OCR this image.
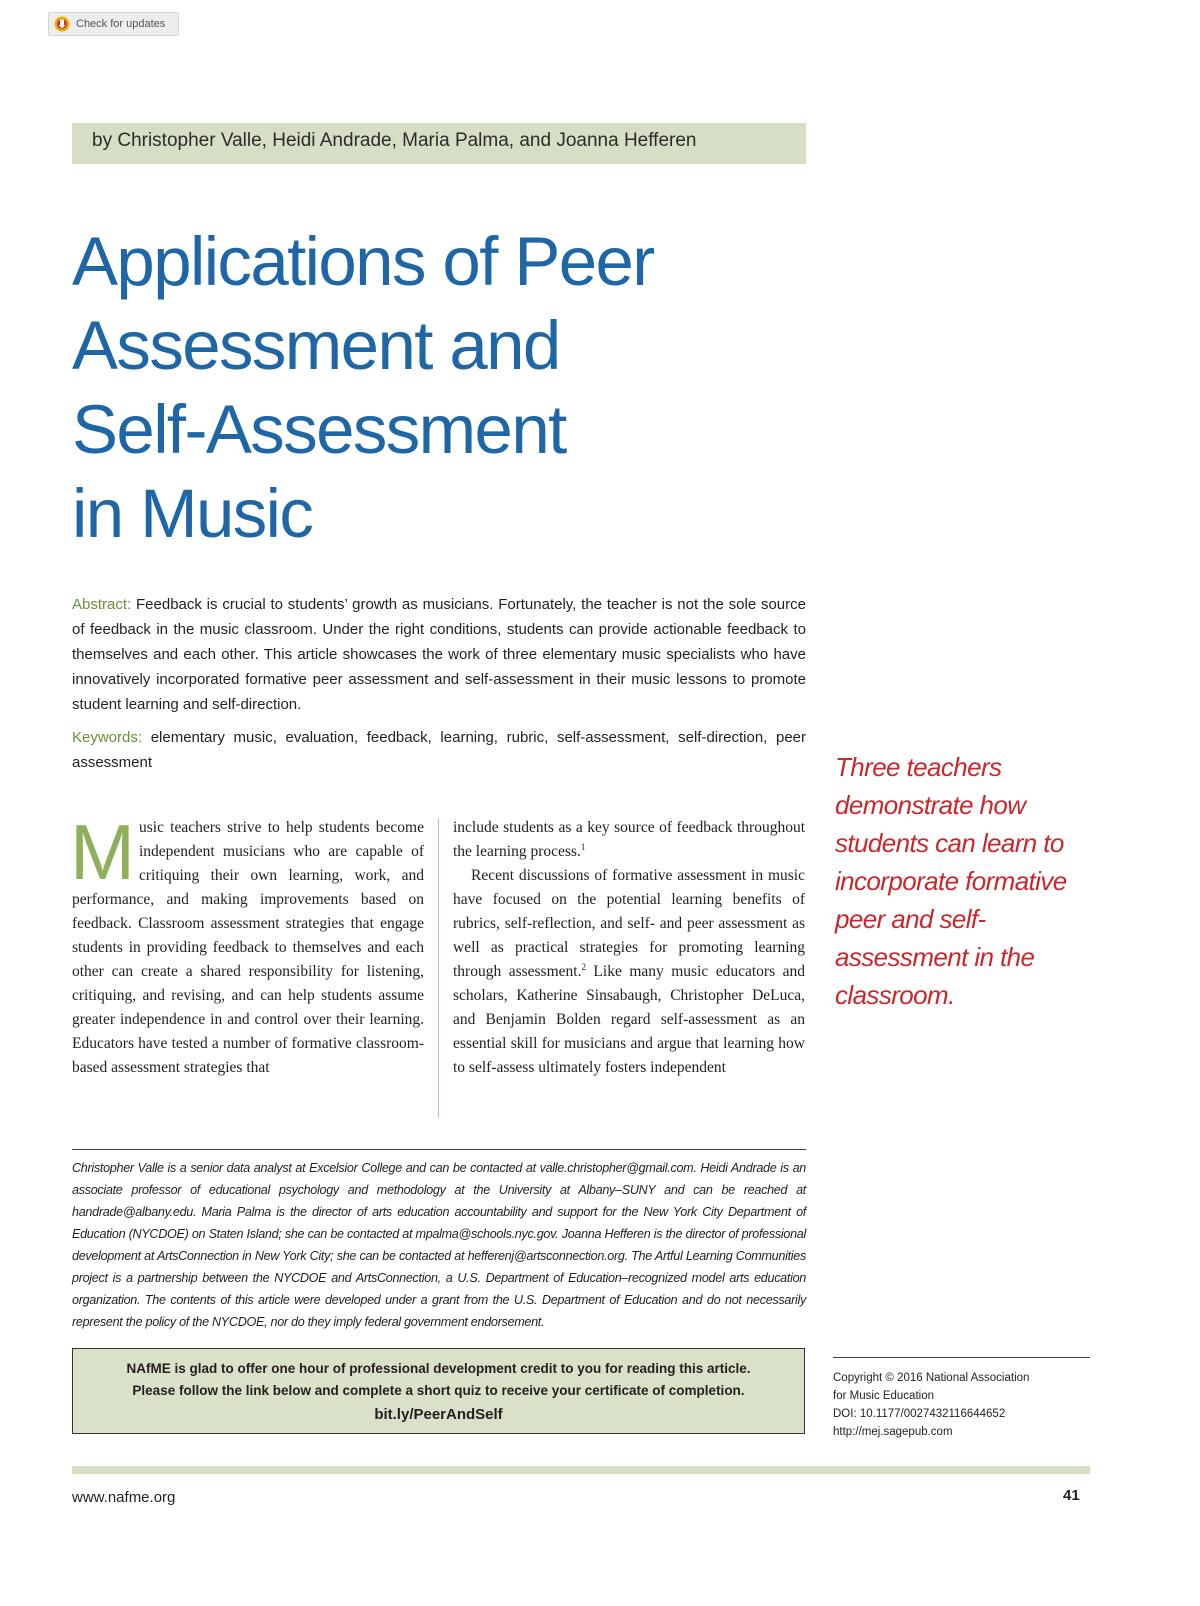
Check for updates
by Christopher Valle, Heidi Andrade, Maria Palma, and Joanna Hefferen
Applications of Peer
Assessment and
Self-Assessment
in Music

Abstract: Feedback is crucial to students’ growth as musicians. Fortunately, the teacher is not the sole source of feedback in the music classroom. Under the right conditions, students can provide actionable feedback to themselves and each other. This article showcases the work of three elementary music specialists who have innovatively incorporated formative peer assessment and self-assessment in their music lessons to promote student learning and self-direction.

Keywords: elementary music, evaluation, feedback, learning, rubric, self-assessment, self-direction, peer assessment	Three teachers
demonstrate how
students can learn to
incorporate formative
peer and self-
assessment in the
classroom.

Music teachers strive to help students become independent musicians who are capable of critiquing their own learning, work, and performance, and making improvements based on feedback. Classroom assessment strategies that engage students in providing feedback to themselves and each other can create a shared responsibility for listening, critiquing, and revising, and can help students assume greater independence in and control over their learning. Educators have tested a number of formative classroom-based assessment strategies that

include students as a key source of feedback throughout the learning process.$^1$
Recent discussions of formative assessment in music have focused on the potential learning benefits of rubrics, self-reflection, and self- and peer assessment as well as practical strategies for promoting learning through assessment.$^2$ Like many music educators and scholars, Katherine Sinsabaugh, Christopher DeLuca, and Benjamin Bolden regard self-assessment as an essential skill for musicians and argue that learning how to self-assess ultimately fosters independent

Christopher Valle is a senior data analyst at Excelsior College and can be contacted at valle.christopher@gmail.com. Heidi Andrade is an associate professor of educational psychology and methodology at the University at Albany–SUNY and can be reached at handrade@albany.edu. Maria Palma is the director of arts education accountability and support for the New York City Department of Education (NYCDOE) on Staten Island; she can be contacted at mpalma@schools.nyc.gov. Joanna Hefferen is the director of professional development at ArtsConnection in New York City; she can be contacted at hefferenj@artsconnection.org. The Artful Learning Communities project is a partnership between the NYCDOE and ArtsConnection, a U.S. Department of Education–recognized model arts education organization. The contents of this article were developed under a grant from the U.S. Department of Education and do not necessarily represent the policy of the NYCDOE, nor do they imply federal government endorsement.

NAfME is glad to offer one hour of professional development credit to you for reading this article.
Please follow the link below and complete a short quiz to receive your certificate of completion.
bit.ly/PeerAndSelf

Copyright © 2016 National Association
for Music Education
DOI: 10.1177/0027432116644652
http://mej.sagepub.com

www.nafme.org	41
